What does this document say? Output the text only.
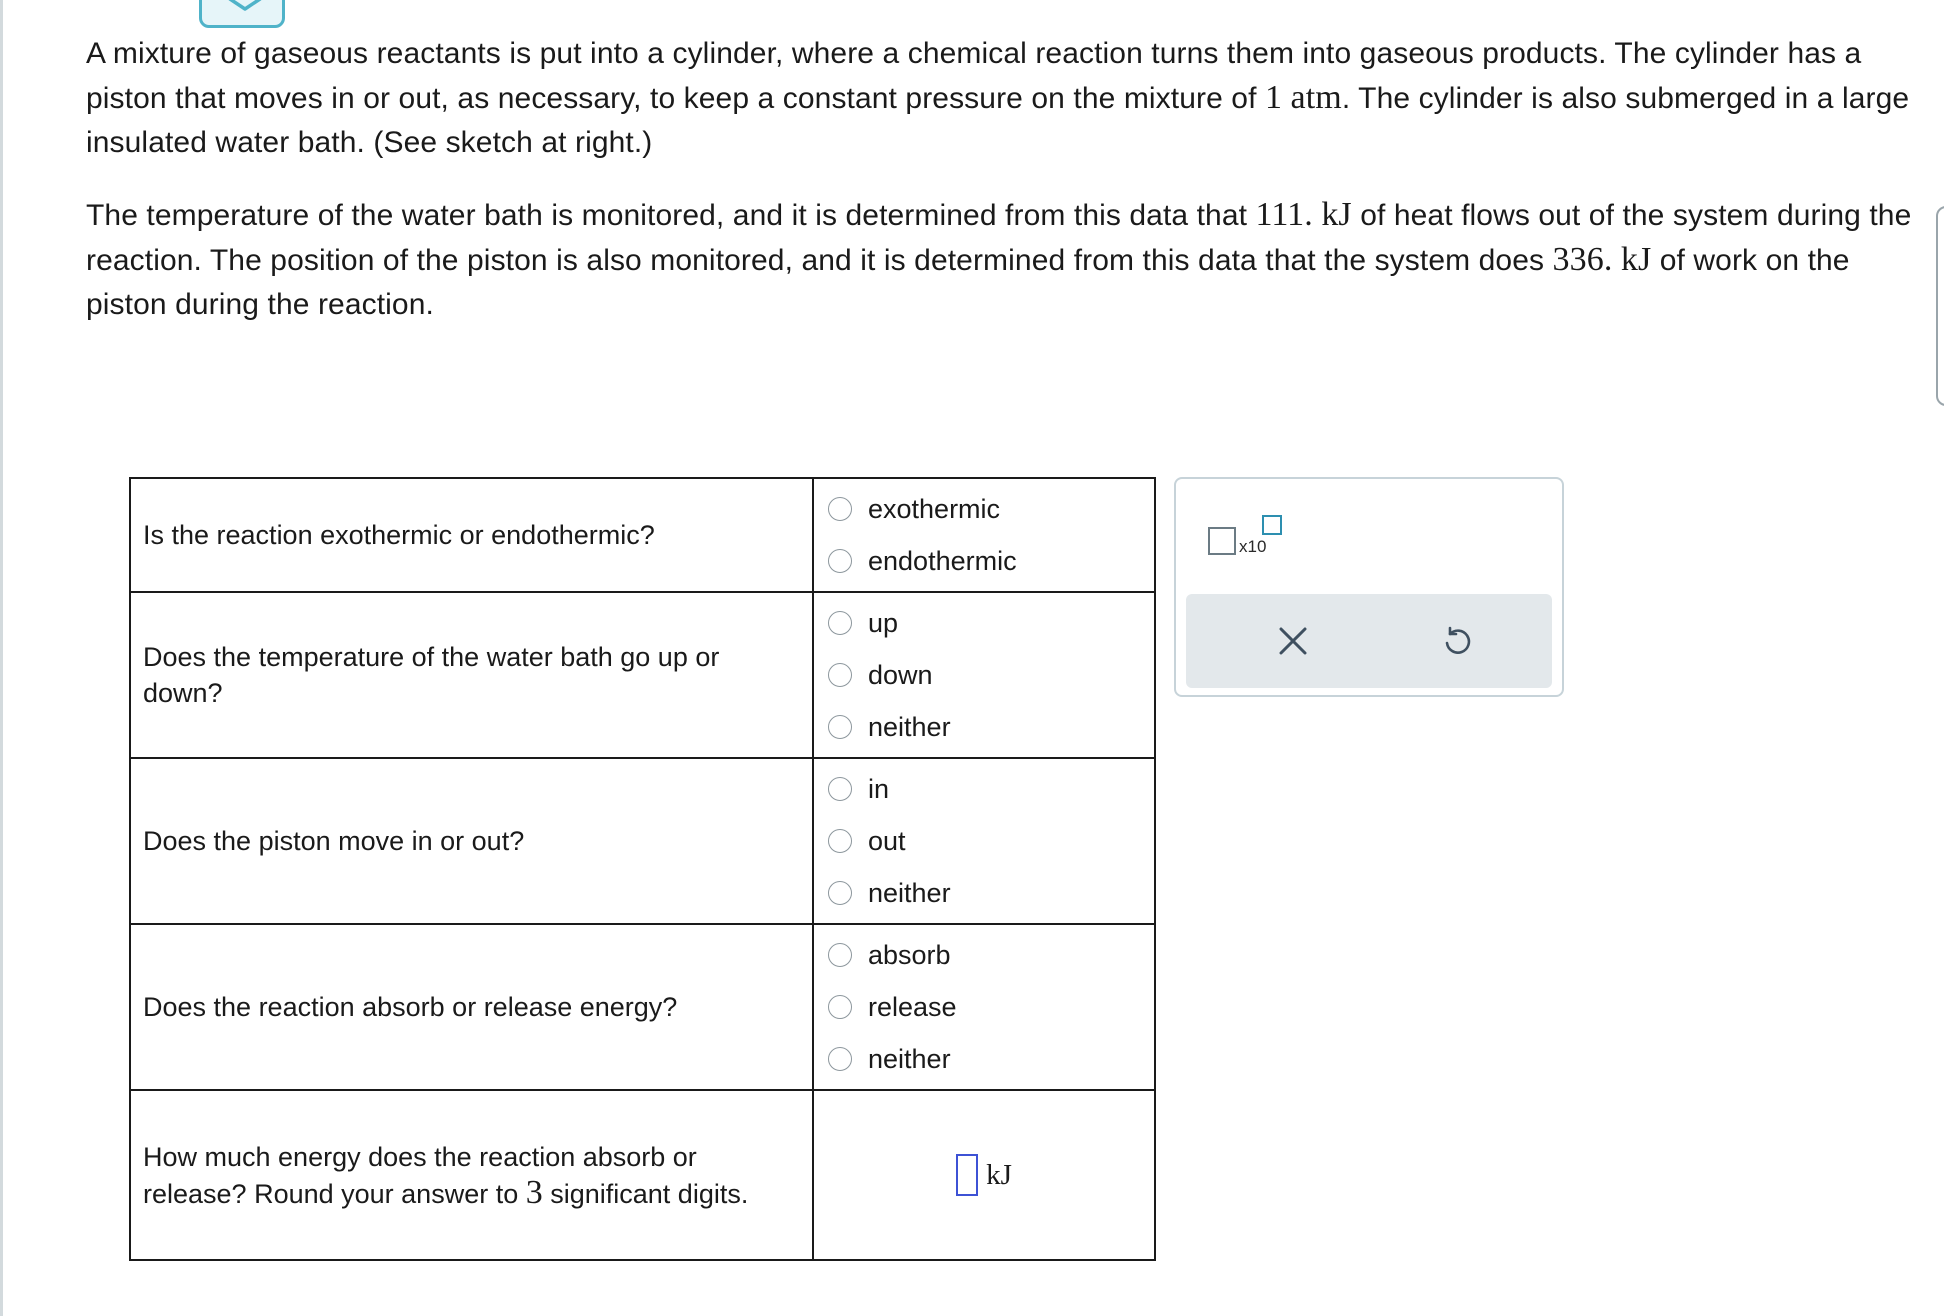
A mixture of gaseous reactants is put into a cylinder, where a chemical reaction turns them into gaseous products. The cylinder has a piston that moves in or out, as necessary, to keep a constant pressure on the mixture of 1 atm. The cylinder is also submerged in a large insulated water bath. (See sketch at right.)
The temperature of the water bath is monitored, and it is determined from this data that 111. kJ of heat flows out of the system during the reaction. The position of the piston is also monitored, and it is determined from this data that the system does 336. kJ of work on the piston during the reaction.
Is the reaction exothermic or endothermic?	exothermic
endothermic

Does the temperature of the water bath go up or down?	up
down
neither

Does the piston move in or out?	in
out
neither

Does the reaction absorb or release energy?	absorb
release
neither

How much energy does the reaction absorb or release? Round your answer to 3 significant digits.	kJ
x10
